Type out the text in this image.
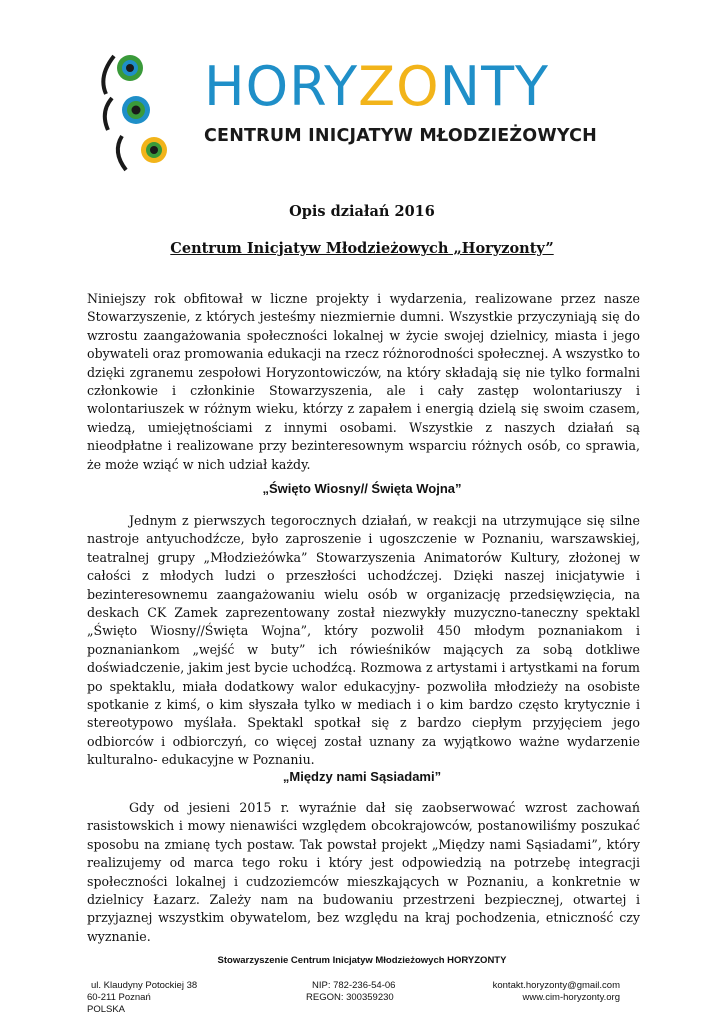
HORYZONTY
CENTRUM INICJATYW MŁODZIEŻOWYCH
Opis działań 2016
Centrum Inicjatyw Młodzieżowych „Horyzonty”

Niniejszy rok obfitował w liczne projekty i wydarzenia, realizowane przez nasze Stowarzyszenie, z których jesteśmy niezmiernie dumni. Wszystkie przyczyniają się do wzrostu zaangażowania społeczności lokalnej w życie swojej dzielnicy, miasta i jego obywateli oraz promowania edukacji na rzecz różnorodności społecznej. A wszystko to dzięki zgranemu zespołowi Horyzontowiczów, na który składają się nie tylko formalni członkowie i członkinie Stowarzyszenia, ale i cały zastęp wolontariuszy i wolontariuszek w różnym wieku, którzy z zapałem i energią dzielą się swoim czasem, wiedzą, umiejętnościami z innymi osobami. Wszystkie z naszych działań są nieodpłatne i realizowane przy bezinteresownym wsparciu różnych osób, co sprawia, że może wziąć w nich udział każdy.

„Święto Wiosny// Święta Wojna”

Jednym z pierwszych tegorocznych działań, w reakcji na utrzymujące się silne nastroje antyuchodźcze, było zaproszenie i ugoszczenie w Poznaniu, warszawskiej, teatralnej grupy „Młodzieżówka” Stowarzyszenia Animatorów Kultury, złożonej w całości z młodych ludzi o przeszłości uchodźczej. Dzięki naszej inicjatywie i bezinteresownemu zaangażowaniu wielu osób w organizację przedsięwzięcia, na deskach CK Zamek zaprezentowany został niezwykły muzyczno-taneczny spektakl „Święto Wiosny//Święta Wojna”, który pozwolił 450 młodym poznaniakom i poznaniankom „wejść w buty” ich rówieśników mających za sobą dotkliwe doświadczenie, jakim jest bycie uchodźcą. Rozmowa z artystami i artystkami na forum po spektaklu, miała dodatkowy walor edukacyjny- pozwoliła młodzieży na osobiste spotkanie z kimś, o kim słyszała tylko w mediach i o kim bardzo często krytycznie i stereotypowo myślała. Spektakl spotkał się z bardzo ciepłym przyjęciem jego odbiorców i odbiorczyń, co więcej został uznany za wyjątkowo ważne wydarzenie kulturalno- edukacyjne w Poznaniu.

„Między nami Sąsiadami”

Gdy od jesieni 2015 r. wyraźnie dał się zaobserwować wzrost zachowań rasistowskich i mowy nienawiści względem obcokrajowców, postanowiliśmy poszukać sposobu na zmianę tych postaw. Tak powstał projekt „Między nami Sąsiadami”, który realizujemy od marca tego roku i który jest odpowiedzią na potrzebę integracji społeczności lokalnej i cudzoziemców mieszkających w Poznaniu, a konkretnie w dzielnicy Łazarz. Zależy nam na budowaniu przestrzeni bezpiecznej, otwartej i przyjaznej wszystkim obywatelom, bez względu na kraj pochodzenia, etniczność czy wyznanie.

Stowarzyszenie Centrum Inicjatyw Młodzieżowych HORYZONTY
ul. Klaudyny Potockiej 38
60-211 Poznań
POLSKA
NIP: 782-236-54-06
REGON: 300359230
kontakt.horyzonty@gmail.com
www.cim-horyzonty.org
